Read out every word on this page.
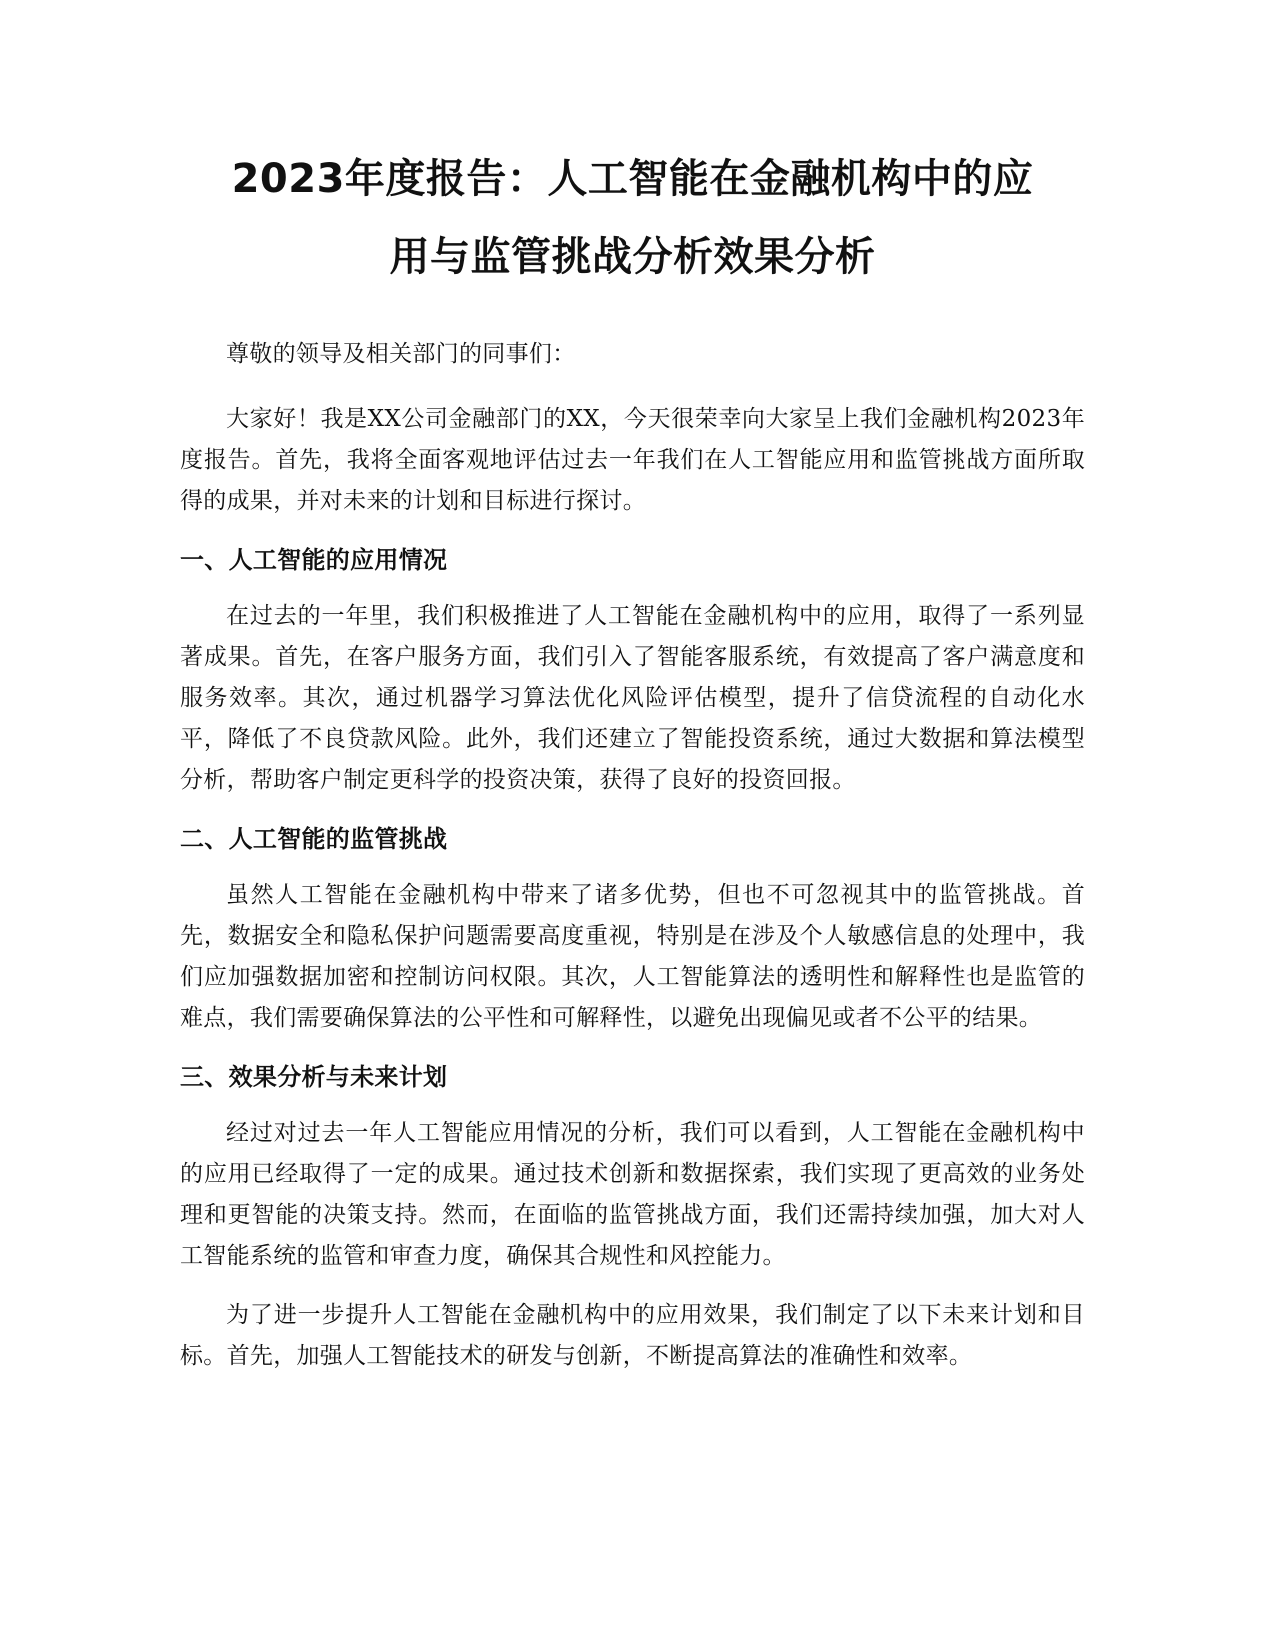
2023年度报告：人工智能在金融机构中的应
用与监管挑战分析效果分析

尊敬的领导及相关部门的同事们：

大家好！我是XX公司金融部门的XX，今天很荣幸向大家呈上我们金融机构2023年度报告。首先，我将全面客观地评估过去一年我们在人工智能应用和监管挑战方面所取得的成果，并对未来的计划和目标进行探讨。

一、人工智能的应用情况

在过去的一年里，我们积极推进了人工智能在金融机构中的应用，取得了一系列显著成果。首先，在客户服务方面，我们引入了智能客服系统，有效提高了客户满意度和服务效率。其次，通过机器学习算法优化风险评估模型，提升了信贷流程的自动化水平，降低了不良贷款风险。此外，我们还建立了智能投资系统，通过大数据和算法模型分析，帮助客户制定更科学的投资决策，获得了良好的投资回报。

二、人工智能的监管挑战

虽然人工智能在金融机构中带来了诸多优势，但也不可忽视其中的监管挑战。首先，数据安全和隐私保护问题需要高度重视，特别是在涉及个人敏感信息的处理中，我们应加强数据加密和控制访问权限。其次，人工智能算法的透明性和解释性也是监管的难点，我们需要确保算法的公平性和可解释性，以避免出现偏见或者不公平的结果。

三、效果分析与未来计划

经过对过去一年人工智能应用情况的分析，我们可以看到，人工智能在金融机构中的应用已经取得了一定的成果。通过技术创新和数据探索，我们实现了更高效的业务处理和更智能的决策支持。然而，在面临的监管挑战方面，我们还需持续加强，加大对人工智能系统的监管和审查力度，确保其合规性和风控能力。

为了进一步提升人工智能在金融机构中的应用效果，我们制定了以下未来计划和目标。首先，加强人工智能技术的研发与创新，不断提高算法的准确性和效率。
